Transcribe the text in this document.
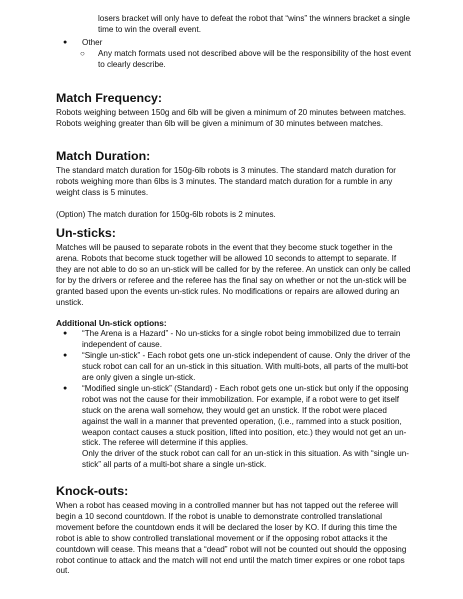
losers bracket will only have to defeat the robot that “wins” the winners bracket a single time to win the overall event.

●	Other

○	Any match formats used not described above will be the responsibility of the host event to clearly describe.

Match Frequency:

Robots weighing between 150g and 6lb will be given a minimum of 20 minutes between matches. Robots weighing greater than 6lb will be given a minimum of 30 minutes between matches.

Match Duration:

The standard match duration for 150g-6lb robots is 3 minutes. The standard match duration for robots weighing more than 6lbs is 3 minutes. The standard match duration for a rumble in any weight class is 5 minutes.

(Option) The match duration for 150g-6lb robots is 2 minutes.

Un-sticks:

Matches will be paused to separate robots in the event that they become stuck together in the arena. Robots that become stuck together will be allowed 10 seconds to attempt to separate. If they are not able to do so an un-stick will be called for by the referee. An unstick can only be called for by the drivers or referee and the referee has the final say on whether or not the un-stick will be granted based upon the events un-stick rules. No modifications or repairs are allowed during an unstick.

Additional Un-stick options:
●	“The Arena is a Hazard” - No un-sticks for a single robot being immobilized due to terrain independent of cause.

●	“Single un-stick” - Each robot gets one un-stick independent of cause. Only the driver of the stuck robot can call for an un-stick in this situation. With multi-bots, all parts of the multi-bot are only given a single un-stick.

●	“Modified single un-stick” (Standard) - Each robot gets one un-stick but only if the opposing robot was not the cause for their immobilization. For example, if a robot were to get itself stuck on the arena wall somehow, they would get an unstick. If the robot were placed against the wall in a manner that prevented operation, (i.e., rammed into a stuck position, weapon contact causes a stuck position, lifted into position, etc.) they would not get an un-stick. The referee will determine if this applies.

Only the driver of the stuck robot can call for an un-stick in this situation. As with “single un-stick” all parts of a multi-bot share a single un-stick.

Knock-outs:

When a robot has ceased moving in a controlled manner but has not tapped out the referee will begin a 10 second countdown. If the robot is unable to demonstrate controlled translational movement before the countdown ends it will be declared the loser by KO. If during this time the robot is able to show controlled translational movement or if the opposing robot attacks it the countdown will cease. This means that a “dead” robot will not be counted out should the opposing robot continue to attack and the match will not end until the match timer expires or one robot taps out.
